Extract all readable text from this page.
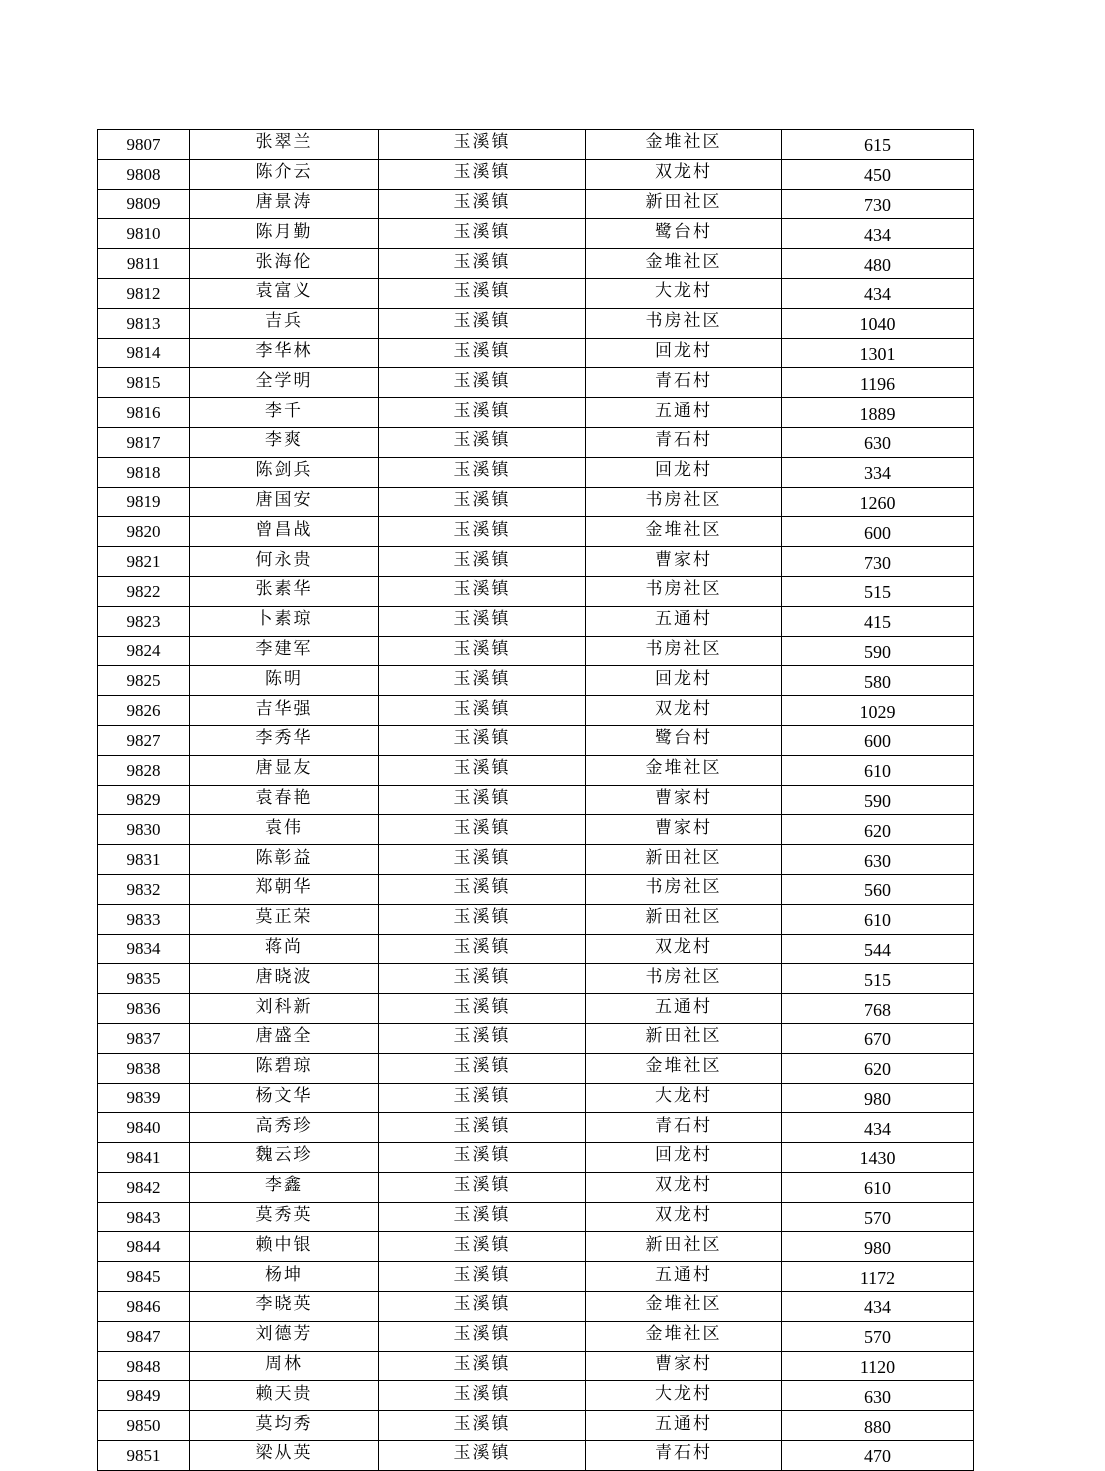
9807	张翠兰	玉溪镇	金堆社区	615
9808	陈介云	玉溪镇	双龙村	450
9809	唐景涛	玉溪镇	新田社区	730
9810	陈月勤	玉溪镇	鹭台村	434
9811	张海伦	玉溪镇	金堆社区	480
9812	袁富义	玉溪镇	大龙村	434
9813	吉兵	玉溪镇	书房社区	1040
9814	李华林	玉溪镇	回龙村	1301
9815	全学明	玉溪镇	青石村	1196
9816	李千	玉溪镇	五通村	1889
9817	李爽	玉溪镇	青石村	630
9818	陈剑兵	玉溪镇	回龙村	334
9819	唐国安	玉溪镇	书房社区	1260
9820	曾昌战	玉溪镇	金堆社区	600
9821	何永贵	玉溪镇	曹家村	730
9822	张素华	玉溪镇	书房社区	515
9823	卜素琼	玉溪镇	五通村	415
9824	李建军	玉溪镇	书房社区	590
9825	陈明	玉溪镇	回龙村	580
9826	吉华强	玉溪镇	双龙村	1029
9827	李秀华	玉溪镇	鹭台村	600
9828	唐显友	玉溪镇	金堆社区	610
9829	袁春艳	玉溪镇	曹家村	590
9830	袁伟	玉溪镇	曹家村	620
9831	陈彰益	玉溪镇	新田社区	630
9832	郑朝华	玉溪镇	书房社区	560
9833	莫正荣	玉溪镇	新田社区	610
9834	蒋尚	玉溪镇	双龙村	544
9835	唐晓波	玉溪镇	书房社区	515
9836	刘科新	玉溪镇	五通村	768
9837	唐盛全	玉溪镇	新田社区	670
9838	陈碧琼	玉溪镇	金堆社区	620
9839	杨文华	玉溪镇	大龙村	980
9840	高秀珍	玉溪镇	青石村	434
9841	魏云珍	玉溪镇	回龙村	1430
9842	李鑫	玉溪镇	双龙村	610
9843	莫秀英	玉溪镇	双龙村	570
9844	赖中银	玉溪镇	新田社区	980
9845	杨坤	玉溪镇	五通村	1172
9846	李晓英	玉溪镇	金堆社区	434
9847	刘德芳	玉溪镇	金堆社区	570
9848	周林	玉溪镇	曹家村	1120
9849	赖天贵	玉溪镇	大龙村	630
9850	莫均秀	玉溪镇	五通村	880
9851	梁从英	玉溪镇	青石村	470
